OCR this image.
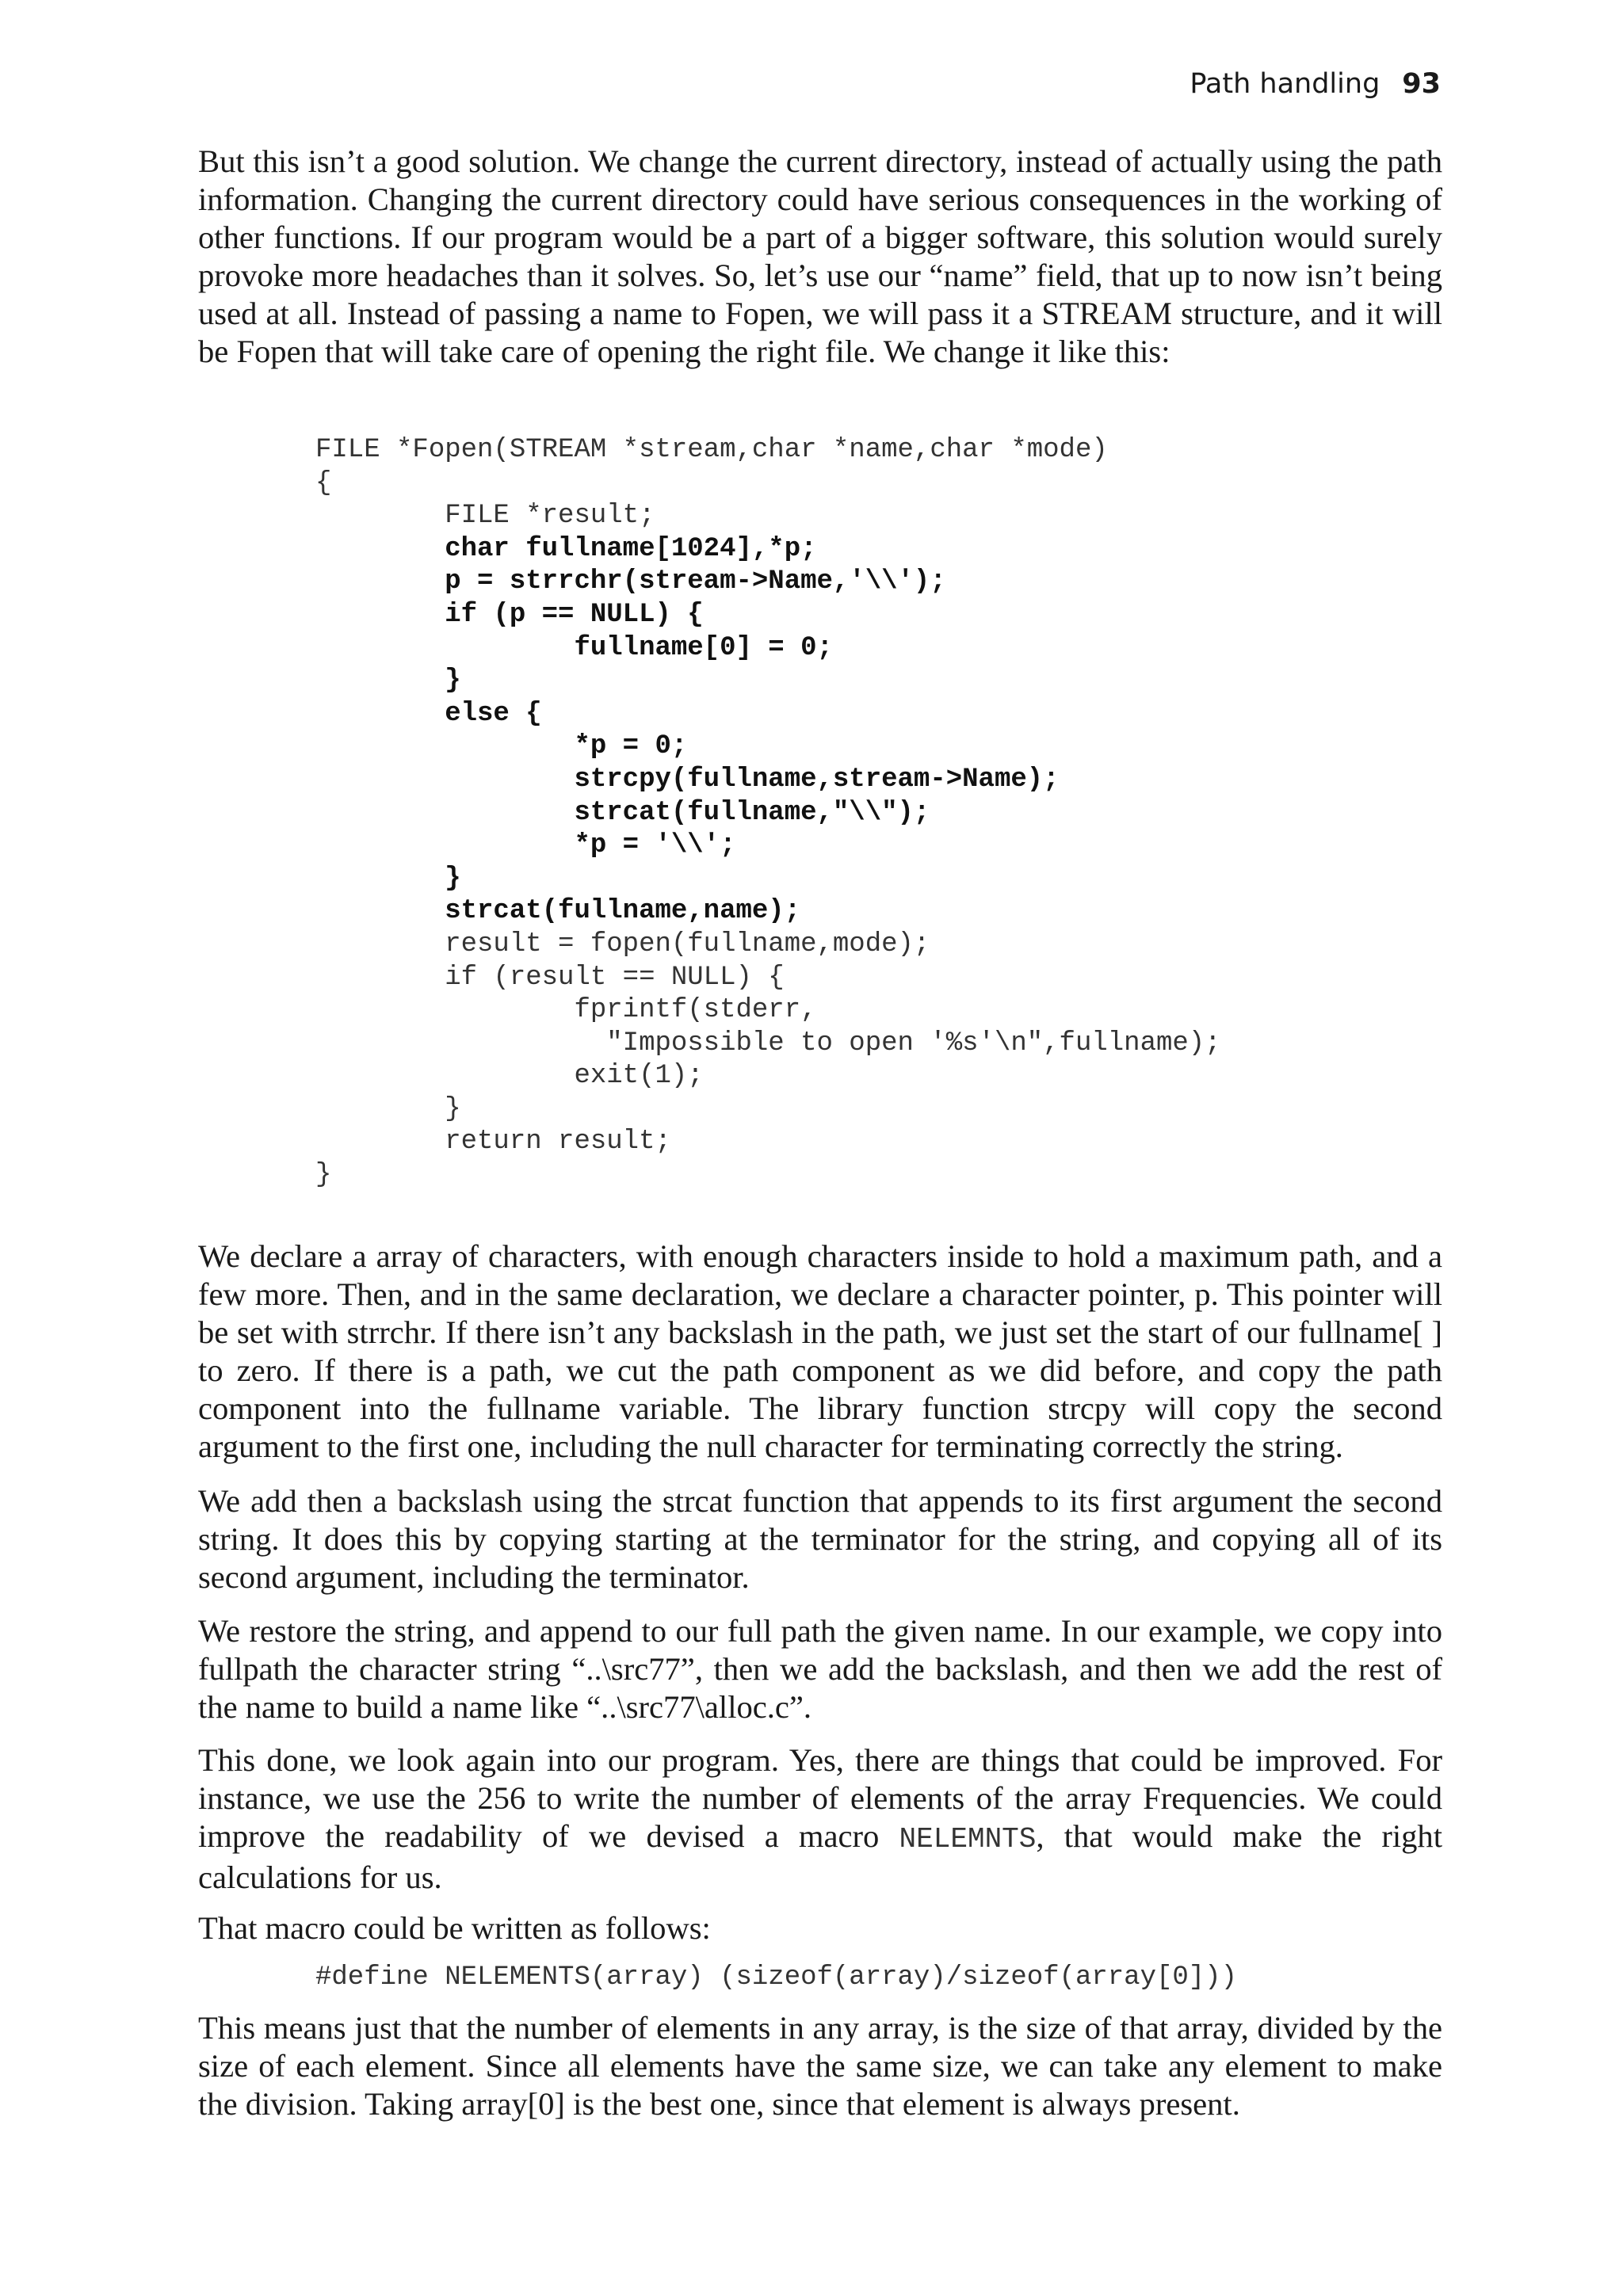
Path handling 93

But this isn’t a good solution. We change the current directory, instead of actually using the path information. Changing the current directory could have serious consequences in the working of other functions. If our program would be a part of a bigger software, this solution would surely provoke more headaches than it solves. So, let’s use our “name” field, that up to now isn’t being used at all. Instead of passing a name to Fopen, we will pass it a STREAM structure, and it will be Fopen that will take care of opening the right file. We change it like this:

FILE *Fopen(STREAM *stream,char *name,char *mode)
{
FILE *result;
char fullname[1024],*p;
p = strrchr(stream->Name,'\\');
if (p == NULL) {
fullname[0] = 0;
}
else {
*p = 0;
strcpy(fullname,stream->Name);
strcat(fullname,"\\");
*p = '\\';
}
strcat(fullname,name);
result = fopen(fullname,mode);
if (result == NULL) {
fprintf(stderr,
"Impossible to open '%s'\n",fullname);
exit(1);
}
return result;
}

We declare a array of characters, with enough characters inside to hold a maximum path, and a few more. Then, and in the same declaration, we declare a character pointer, p. This pointer will be set with strrchr. If there isn’t any backslash in the path, we just set the start of our fullname[ ] to zero. If there is a path, we cut the path component as we did before, and copy the path component into the fullname variable. The library function strcpy will copy the second argument to the first one, including the null character for terminating correctly the string.

We add then a backslash using the strcat function that appends to its first argument the second string. It does this by copying starting at the terminator for the string, and copying all of its second argument, including the terminator.

We restore the string, and append to our full path the given name. In our example, we copy into fullpath the character string “..\src77”, then we add the backslash, and then we add the rest of the name to build a name like “..\src77\alloc.c”.

This done, we look again into our program. Yes, there are things that could be improved. For instance, we use the 256 to write the number of elements of the array Frequencies. We could improve the readability of we devised a macro NELEMNTS, that would make the right calculations for us.

That macro could be written as follows:

#define NELEMENTS(array) (sizeof(array)/sizeof(array[0]))

This means just that the number of elements in any array, is the size of that array, divided by the size of each element. Since all elements have the same size, we can take any element to make the division. Taking array[0] is the best one, since that element is always present.
